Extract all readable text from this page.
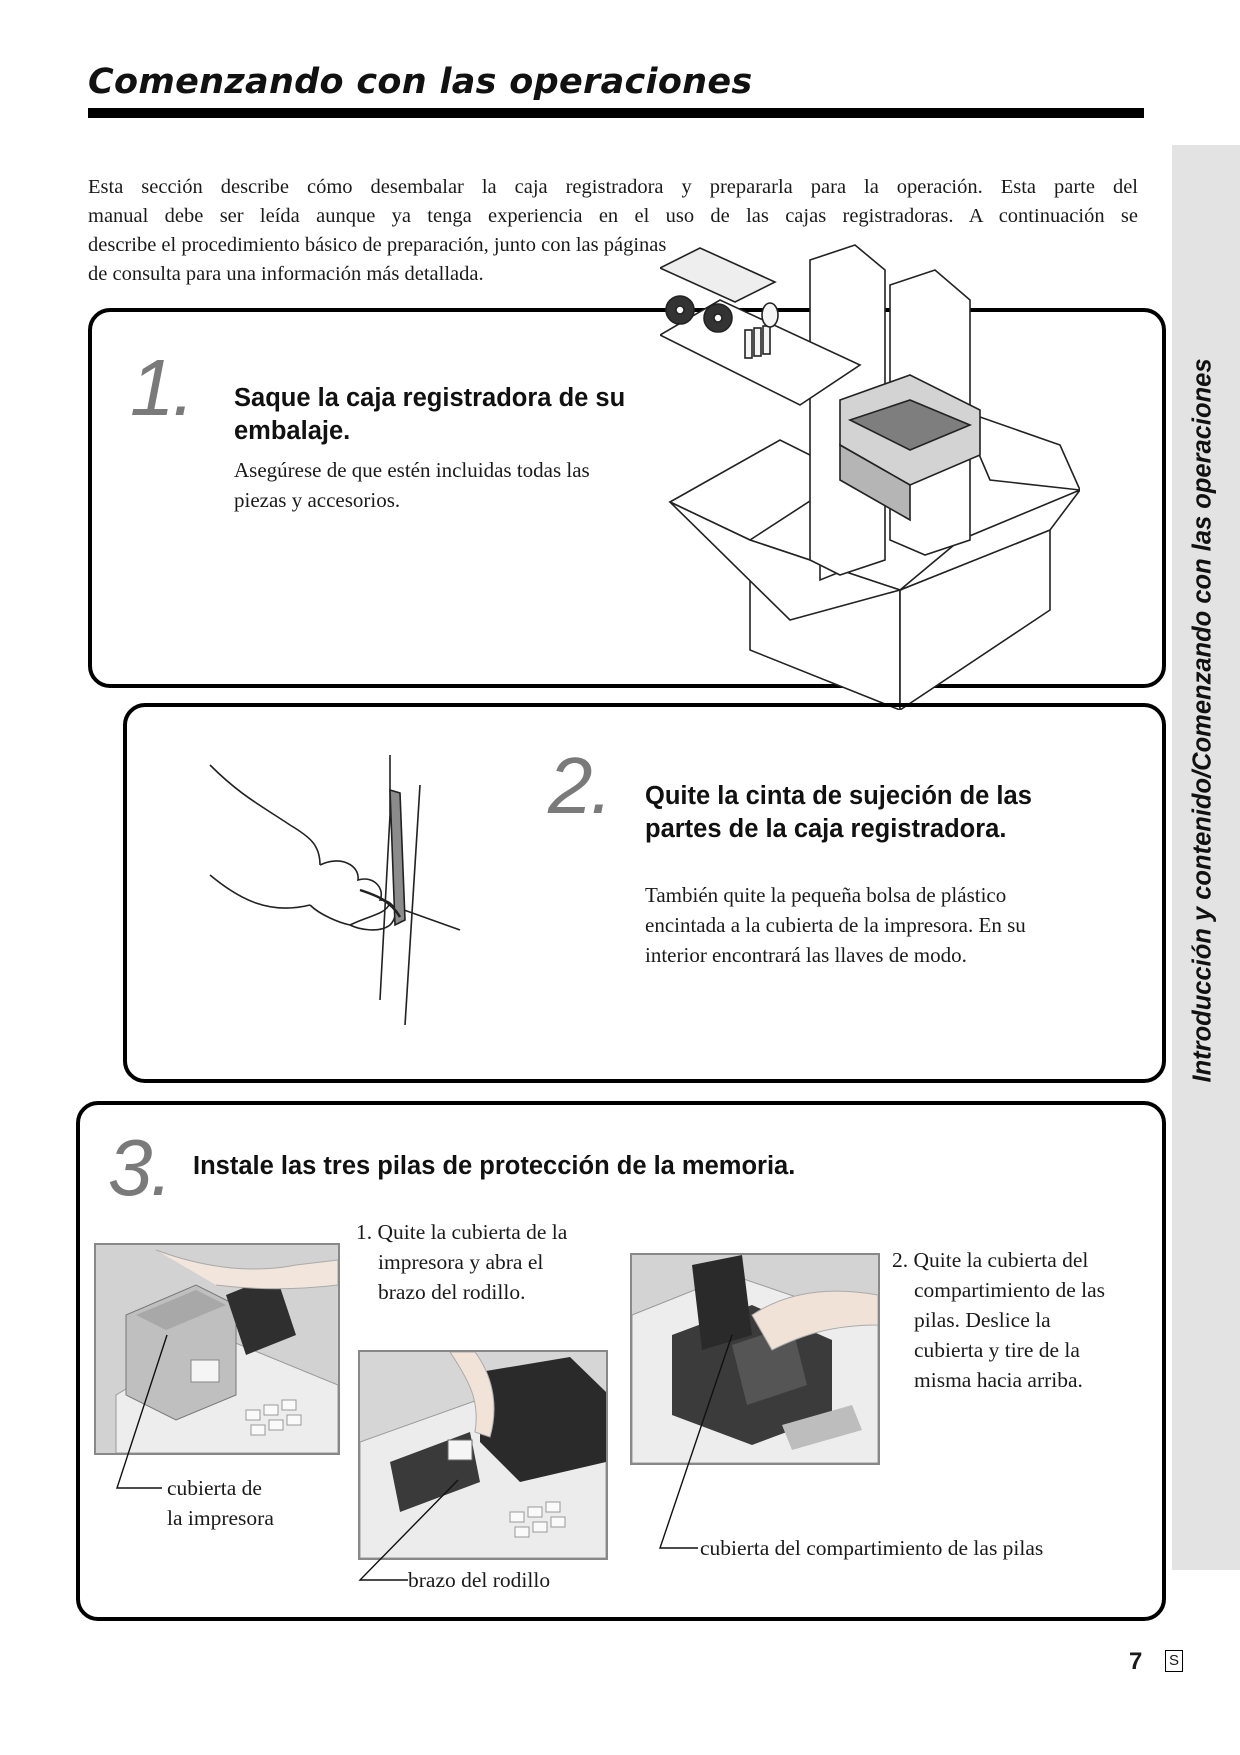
Comenzando con las operaciones

Esta sección describe cómo desembalar la caja registradora y prepararla para la operación. Esta parte del

manual debe ser leída aunque ya tenga experiencia en el uso de las cajas registradoras. A continuación se

describe el procedimiento básico de preparación, junto con las páginas

de consulta para una información más detallada.

Introducción y contenido/Comenzando con las operaciones
1. Saque la caja registradora de su
embalaje.
Asegúrese de que estén incluidas todas las
piezas y accesorios.
2. Quite la cinta de sujeción de las
partes de la caja registradora.
También quite la pequeña bolsa de plástico
encintada a la cubierta de la impresora. En su
interior encontrará las llaves de modo.
3. Instale las tres pilas de protección de la memoria.
1. Quite la cubierta de la
impresora y abra el
brazo del rodillo.
2. Quite la cubierta del
compartimiento de las
pilas. Deslice la
cubierta y tire de la
misma hacia arriba.
cubierta de
la impresora
brazo del rodillo
cubierta del compartimiento de las pilas
7 S
